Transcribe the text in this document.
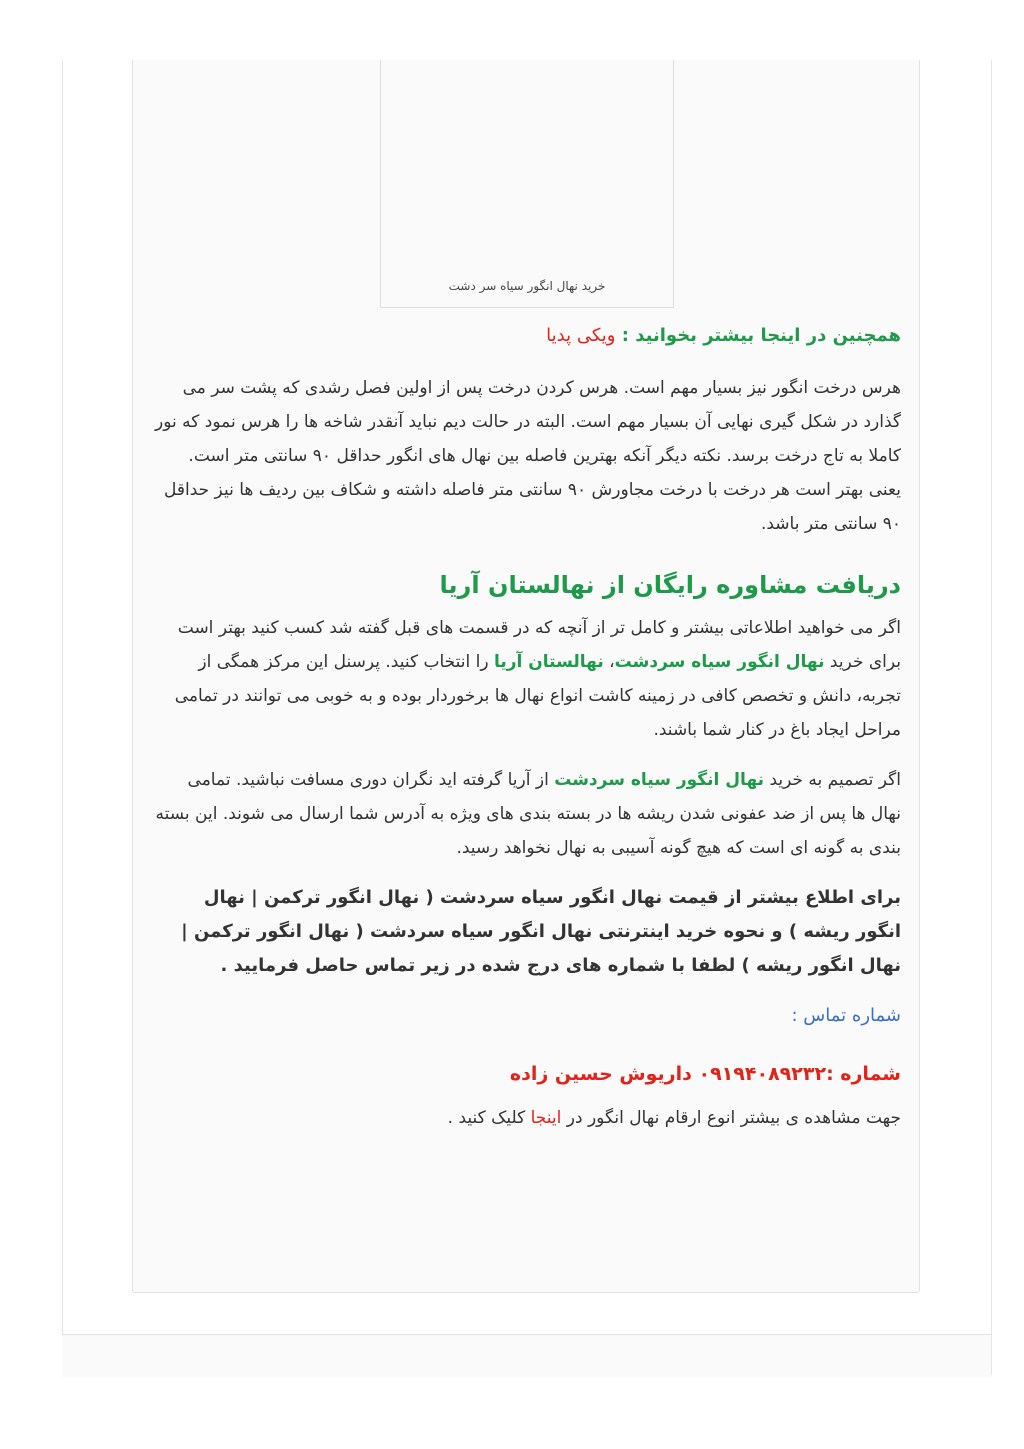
خرید نهال انگور سیاه سر دشت
همچنین در اینجا بیشتر بخوانید : ویکی پدیا

هرس درخت انگور نیز بسیار مهم است. هرس کردن درخت پس از اولین فصل رشدی که پشت سر می گذارد در شکل گیری نهایی آن بسیار مهم است. البته در حالت دیم نباید آنقدر شاخه ها را هرس نمود که نور کاملا به تاج درخت برسد. نکته دیگر آنکه بهترین فاصله بین نهال های انگور حداقل ۹۰ سانتی متر است. یعنی بهتر است هر درخت با درخت مجاورش ۹۰ سانتی متر فاصله داشته و شکاف بین ردیف ها نیز حداقل ۹۰ سانتی متر باشد.

دریافت مشاوره رایگان از نهالستان آریا

اگر می خواهید اطلاعاتی بیشتر و کامل تر از آنچه که در قسمت های قبل گفته شد کسب کنید بهتر است برای خرید نهال انگور سیاه سردشت، نهالستان آریا را انتخاب کنید. پرسنل این مرکز همگی از تجربه، دانش و تخصص کافی در زمینه کاشت انواع نهال ها برخوردار بوده و به خوبی می توانند در تمامی مراحل ایجاد باغ در کنار شما باشند.

اگر تصمیم به خرید نهال انگور سیاه سردشت از آریا گرفته اید نگران دوری مسافت نباشید. تمامی نهال ها پس از ضد عفونی شدن ریشه ها در بسته بندی های ویژه به آدرس شما ارسال می شوند. این بسته بندی به گونه ای است که هیچ گونه آسیبی به نهال نخواهد رسید.

برای اطلاع بیشتر از قیمت نهال انگور سیاه سردشت ( نهال انگور ترکمن | نهال انگور ریشه ) و نحوه خرید اینترنتی نهال انگور سیاه سردشت ( نهال انگور ترکمن | نهال انگور ریشه ) لطفا با شماره های درج شده در زیر تماس حاصل فرمایید .
شماره تماس :
شماره :۰۹۱۹۴۰۸۹۲۳۲ داریوش حسین زاده
جهت مشاهده ی بیشتر انوع ارقام نهال انگور در اینجا کلیک کنید .
